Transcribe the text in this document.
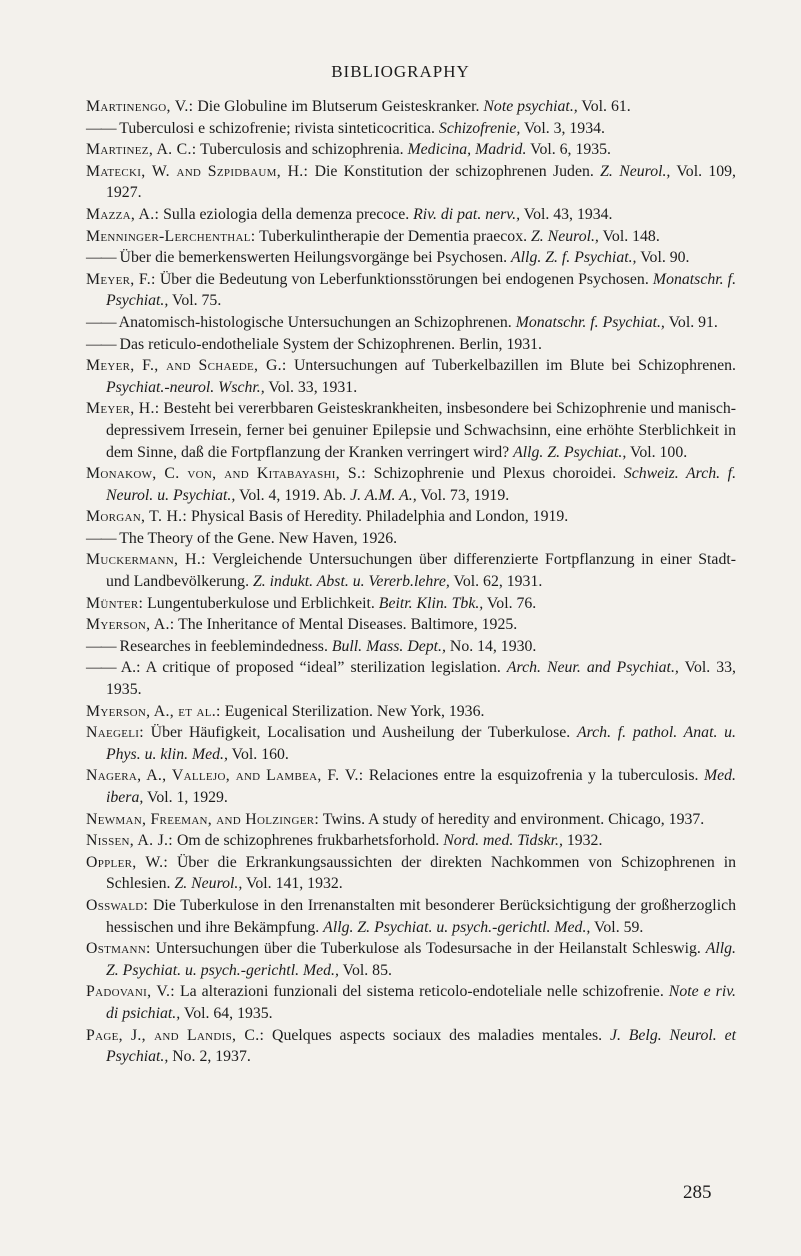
BIBLIOGRAPHY
Martinengo, V.: Die Globuline im Blutserum Geisteskranker. Note psychiat., Vol. 61.
—— Tuberculosi e schizofrenie; rivista sinteticocritica. Schizofrenie, Vol. 3, 1934.
Martinez, A. C.: Tuberculosis and schizophrenia. Medicina, Madrid. Vol. 6, 1935.
Matecki, W. and Szpidbaum, H.: Die Konstitution der schizophrenen Juden. Z. Neurol., Vol. 109, 1927.
Mazza, A.: Sulla eziologia della demenza precoce. Riv. di pat. nerv., Vol. 43, 1934.
Menninger-Lerchenthal: Tuberkulintherapie der Dementia praecox. Z. Neurol., Vol. 148.
—— Über die bemerkenswerten Heilungsvorgänge bei Psychosen. Allg. Z. f. Psychiat., Vol. 90.
Meyer, F.: Über die Bedeutung von Leberfunktionsstörungen bei endogenen Psychosen. Monatschr. f. Psychiat., Vol. 75.
—— Anatomisch-histologische Untersuchungen an Schizophrenen. Monatschr. f. Psychiat., Vol. 91.
—— Das reticulo-endotheliale System der Schizophrenen. Berlin, 1931.
Meyer, F., and Schaede, G.: Untersuchungen auf Tuberkelbazillen im Blute bei Schizophrenen. Psychiat.-neurol. Wschr., Vol. 33, 1931.
Meyer, H.: Besteht bei vererbbaren Geisteskrankheiten, insbesondere bei Schizophrenie und manisch-depressivem Irresein, ferner bei genuiner Epilepsie und Schwachsinn, eine erhöhte Sterblichkeit in dem Sinne, daß die Fortpflanzung der Kranken verringert wird? Allg. Z. Psychiat., Vol. 100.
Monakow, C. von, and Kitabayashi, S.: Schizophrenie und Plexus choroidei. Schweiz. Arch. f. Neurol. u. Psychiat., Vol. 4, 1919. Ab. J. A.M. A., Vol. 73, 1919.
Morgan, T. H.: Physical Basis of Heredity. Philadelphia and London, 1919.
—— The Theory of the Gene. New Haven, 1926.
Muckermann, H.: Vergleichende Untersuchungen über differenzierte Fortpflanzung in einer Stadt- und Landbevölkerung. Z. indukt. Abst. u. Vererb.lehre, Vol. 62, 1931.
Münter: Lungentuberkulose und Erblichkeit. Beitr. Klin. Tbk., Vol. 76.
Myerson, A.: The Inheritance of Mental Diseases. Baltimore, 1925.
—— Researches in feeblemindedness. Bull. Mass. Dept., No. 14, 1930.
—— A.: A critique of proposed “ideal” sterilization legislation. Arch. Neur. and Psychiat., Vol. 33, 1935.
Myerson, A., et al.: Eugenical Sterilization. New York, 1936.
Naegeli: Über Häufigkeit, Localisation und Ausheilung der Tuberkulose. Arch. f. pathol. Anat. u. Phys. u. klin. Med., Vol. 160.
Nagera, A., Vallejo, and Lambea, F. V.: Relaciones entre la esquizofrenia y la tuberculosis. Med. ibera, Vol. 1, 1929.
Newman, Freeman, and Holzinger: Twins. A study of heredity and environment. Chicago, 1937.
Nissen, A. J.: Om de schizophrenes frukbarhetsforhold. Nord. med. Tidskr., 1932.
Oppler, W.: Über die Erkrankungsaussichten der direkten Nachkommen von Schizophrenen in Schlesien. Z. Neurol., Vol. 141, 1932.
Osswald: Die Tuberkulose in den Irrenanstalten mit besonderer Berücksichtigung der großherzoglich hessischen und ihre Bekämpfung. Allg. Z. Psychiat. u. psych.-gerichtl. Med., Vol. 59.
Ostmann: Untersuchungen über die Tuberkulose als Todesursache in der Heilanstalt Schleswig. Allg. Z. Psychiat. u. psych.-gerichtl. Med., Vol. 85.
Padovani, V.: La alterazioni funzionali del sistema reticolo-endoteliale nelle schizofrenie. Note e riv. di psichiat., Vol. 64, 1935.
Page, J., and Landis, C.: Quelques aspects sociaux des maladies mentales. J. Belg. Neurol. et Psychiat., No. 2, 1937.
285
